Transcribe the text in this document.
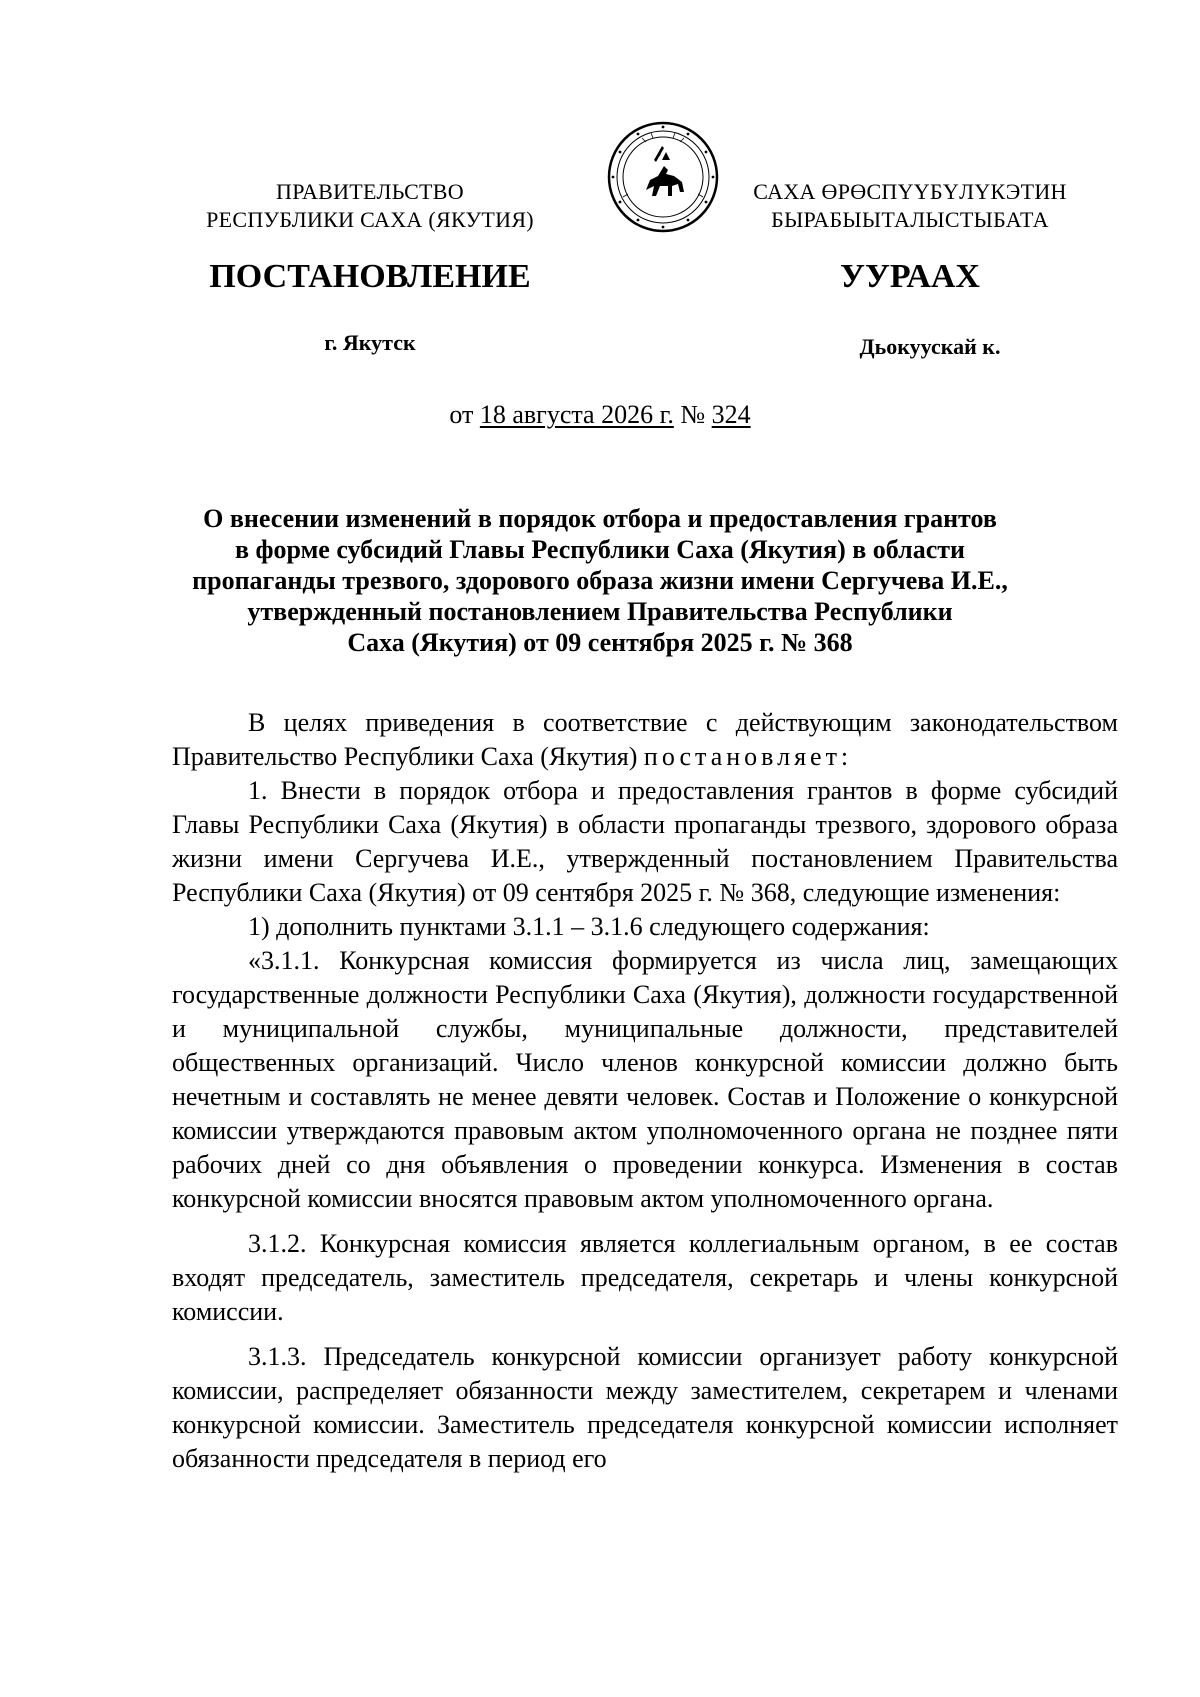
ПРАВИТЕЛЬСТВО
РЕСПУБЛИКИ САХА (ЯКУТИЯ)
САХА ӨРӨСПҮҮБҮЛҮКЭТИН
БЫРАБЫЫТАЛЫСТЫБАТА
ПОСТАНОВЛЕНИЕ	УУРААХ
г. Якутск	Дьокуускай к.
от 18 августа 2026 г. № 324
О внесении изменений в порядок отбора и предоставления грантов
в форме субсидий Главы Республики Саха (Якутия) в области
пропаганды трезвого, здорового образа жизни имени Сергучева И.Е.,
утвержденный постановлением Правительства Республики
Саха (Якутия) от 09 сентября 2025 г. № 368

В целях приведения в соответствие с действующим законодательством Правительство Республики Саха (Якутия) постановляет:

1. Внести в порядок отбора и предоставления грантов в форме субсидий Главы Республики Саха (Якутия) в области пропаганды трезвого, здорового образа жизни имени Сергучева И.Е., утвержденный постановлением Правительства Республики Саха (Якутия) от 09 сентября 2025 г. № 368, следующие изменения:

1) дополнить пунктами 3.1.1 – 3.1.6 следующего содержания:

«3.1.1. Конкурсная комиссия формируется из числа лиц, замещающих государственные должности Республики Саха (Якутия), должности государственной и муниципальной службы, муниципальные должности, представителей общественных организаций. Число членов конкурсной комиссии должно быть нечетным и составлять не менее девяти человек. Состав и Положение о конкурсной комиссии утверждаются правовым актом уполномоченного органа не позднее пяти рабочих дней со дня объявления о проведении конкурса. Изменения в состав конкурсной комиссии вносятся правовым актом уполномоченного органа.

3.1.2. Конкурсная комиссия является коллегиальным органом, в ее состав входят председатель, заместитель председателя, секретарь и члены конкурсной комиссии.

3.1.3. Председатель конкурсной комиссии организует работу конкурсной комиссии, распределяет обязанности между заместителем, секретарем и членами конкурсной комиссии. Заместитель председателя конкурсной комиссии исполняет обязанности председателя в период его
